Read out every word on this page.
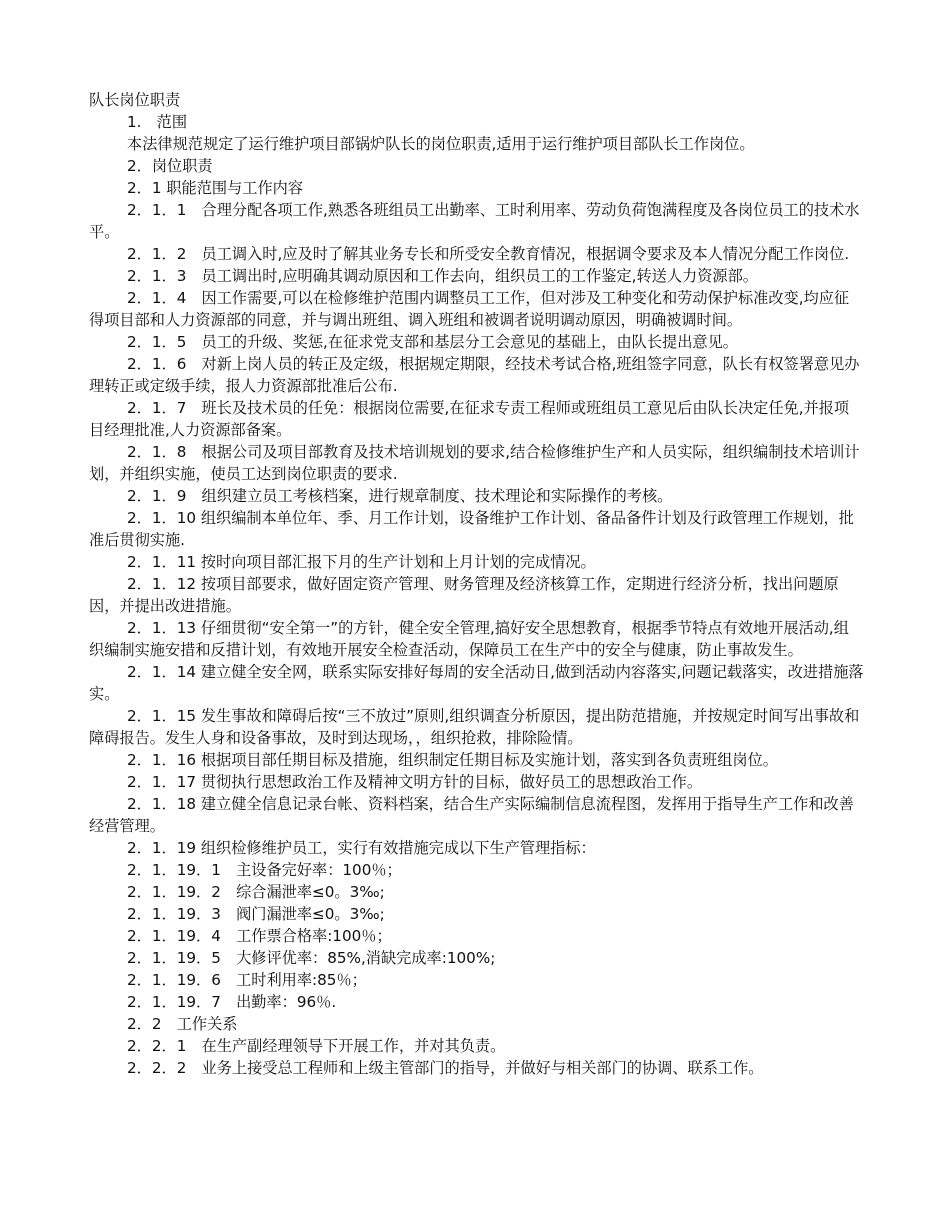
队长岗位职责

1.　范围

本法律规范规定了运行维护项目部锅炉队长的岗位职责,适用于运行维护项目部队长工作岗位。

2．岗位职责

2．1 职能范围与工作内容

2．1．1　合理分配各项工作,熟悉各班组员工出勤率、工时利用率、劳动负荷饱满程度及各岗位员工的技术水平。

2．1．2　员工调入时,应及时了解其业务专长和所受安全教育情况，根据调令要求及本人情况分配工作岗位.

2．1．3　员工调出时,应明确其调动原因和工作去向，组织员工的工作鉴定,转送人力资源部。

2．1．4　因工作需要,可以在检修维护范围内调整员工工作，但对涉及工种变化和劳动保护标准改变,均应征得项目部和人力资源部的同意，并与调出班组、调入班组和被调者说明调动原因，明确被调时间。

2．1．5　员工的升级、奖惩,在征求党支部和基层分工会意见的基础上，由队长提出意见。

2．1．6　对新上岗人员的转正及定级，根据规定期限，经技术考试合格,班组签字同意，队长有权签署意见办理转正或定级手续，报人力资源部批准后公布.

2．1．7　班长及技术员的任免：根据岗位需要,在征求专责工程师或班组员工意见后由队长决定任免,并报项目经理批准,人力资源部备案。

2．1．8　根据公司及项目部教育及技术培训规划的要求,结合检修维护生产和人员实际，组织编制技术培训计划，并组织实施，使员工达到岗位职责的要求.

2．1．9　组织建立员工考核档案，进行规章制度、技术理论和实际操作的考核。

2．1．10 组织编制本单位年、季、月工作计划，设备维护工作计划、备品备件计划及行政管理工作规划，批准后贯彻实施.

2．1．11 按时向项目部汇报下月的生产计划和上月计划的完成情况。

2．1．12 按项目部要求，做好固定资产管理、财务管理及经济核算工作，定期进行经济分析，找出问题原因，并提出改进措施。

2．1．13 仔细贯彻“安全第一”的方针，健全安全管理,搞好安全思想教育，根据季节特点有效地开展活动,组织编制实施安措和反措计划，有效地开展安全检查活动，保障员工在生产中的安全与健康，防止事故发生。

2．1．14 建立健全安全网，联系实际安排好每周的安全活动日,做到活动内容落实,问题记载落实，改进措施落实。

2．1．15 发生事故和障碍后按“三不放过”原则,组织调查分析原因，提出防范措施，并按规定时间写出事故和障碍报告。发生人身和设备事故，及时到达现场，，组织抢救，排除险情。

2．1．16 根据项目部任期目标及措施，组织制定任期目标及实施计划，落实到各负责班组岗位。

2．1．17 贯彻执行思想政治工作及精神文明方针的目标，做好员工的思想政治工作。

2．1．18 建立健全信息记录台帐、资料档案，结合生产实际编制信息流程图，发挥用于指导生产工作和改善经营管理。

2．1．19 组织检修维护员工，实行有效措施完成以下生产管理指标：

2．1．19．1　主设备完好率：100％；

2．1．19．2　综合漏泄率≤0。3‰;

2．1．19．3　阀门漏泄率≤0。3‰;

2．1．19．4　工作票合格率:100％；

2．1．19．5　大修评优率：85%,消缺完成率:100%;

2．1．19．6　工时利用率:85％；

2．1．19．7　出勤率：96％.

2．2　工作关系

2．2．1　在生产副经理领导下开展工作，并对其负责。

2．2．2　业务上接受总工程师和上级主管部门的指导，并做好与相关部门的协调、联系工作。
